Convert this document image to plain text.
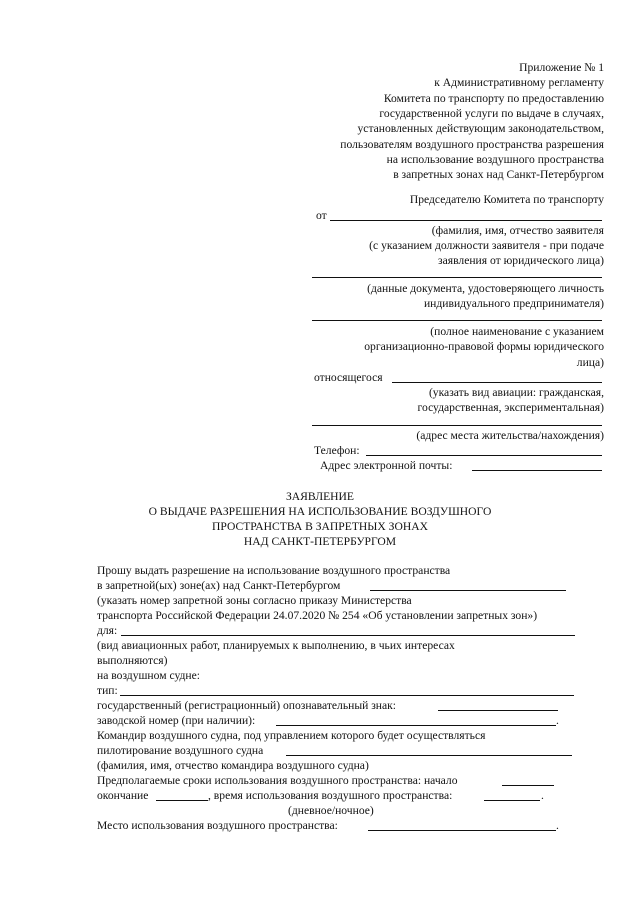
Приложение № 1
к Административному регламенту
Комитета по транспорту по предоставлению
государственной услуги по выдаче в случаях,
установленных действующим законодательством,
пользователям воздушного пространства разрешения
на использование воздушного пространства
в запретных зонах над Санкт-Петербургом
Председателю Комитета по транспорту
от
(фамилия, имя, отчество заявителя
(с указанием должности заявителя - при подаче
заявления от юридического лица)
(данные документа, удостоверяющего личность
индивидуального предпринимателя)
(полное наименование с указанием
организационно-правовой формы юридического
лица)
относящегося
(указать вид авиации: гражданская,
государственная, экспериментальная)
(адрес места жительства/нахождения)
Телефон:
Адрес электронной почты:
ЗАЯВЛЕНИЕ
О ВЫДАЧЕ РАЗРЕШЕНИЯ НА ИСПОЛЬЗОВАНИЕ ВОЗДУШНОГО
ПРОСТРАНСТВА В ЗАПРЕТНЫХ ЗОНАХ
НАД САНКТ-ПЕТЕРБУРГОМ
Прошу выдать разрешение на использование воздушного пространства
в запретной(ых) зоне(ах) над Санкт-Петербургом
(указать номер запретной зоны согласно приказу Министерства
транспорта Российской Федерации 24.07.2020 № 254 «Об установлении запретных зон»)
для:
(вид авиационных работ, планируемых к выполнению, в чьих интересах
выполняются)
на воздушном судне:
тип:
государственный (регистрационный) опознавательный знак:
заводской номер (при наличии):	.
Командир воздушного судна, под управлением которого будет осуществляться
пилотирование воздушного судна
(фамилия, имя, отчество командира воздушного судна)
Предполагаемые сроки использования воздушного пространства: начало
окончание	, время использования воздушного пространства:	.
(дневное/ночное)
Место использования воздушного пространства:	.
